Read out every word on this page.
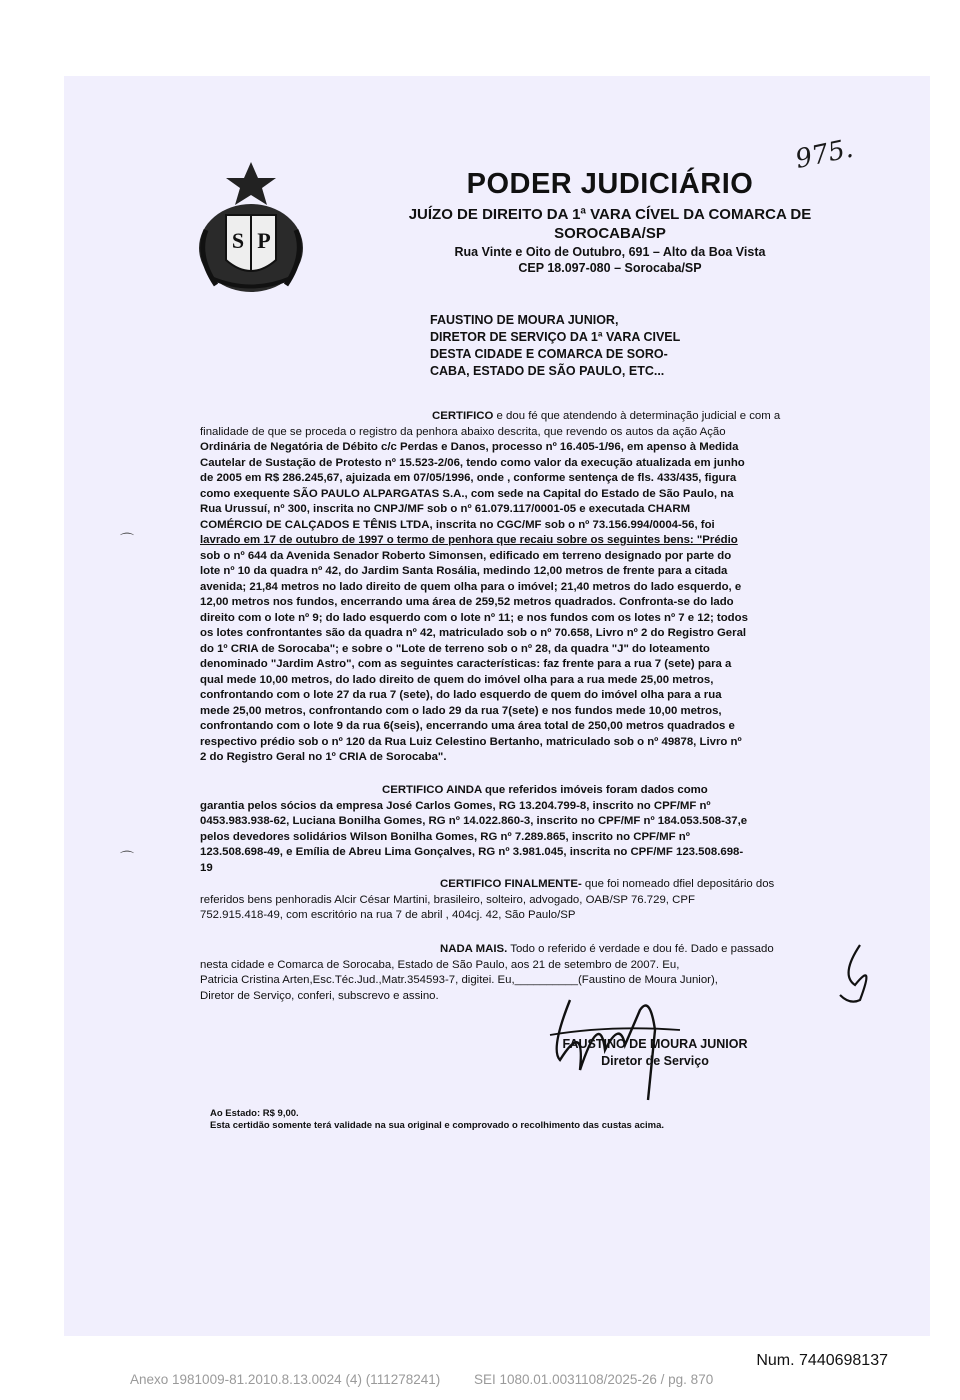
S P
975.
PODER JUDICIÁRIO
JUÍZO DE DIREITO DA 1ª VARA CÍVEL DA COMARCA DE
SOROCABA/SP
Rua Vinte e Oito de Outubro, 691 – Alto da Boa Vista
CEP 18.097-080 – Sorocaba/SP
FAUSTINO DE MOURA JUNIOR,
DIRETOR DE SERVIÇO DA 1ª VARA CIVEL
DESTA CIDADE E COMARCA DE SORO-
CABA, ESTADO DE SÃO PAULO, ETC...
CERTIFICO e dou fé que atendendo à determinação judicial e com a
finalidade de que se proceda o registro da penhora abaixo descrita, que revendo os autos da ação Ação
Ordinária de Negatória de Débito c/c Perdas e Danos, processo nº 16.405-1/96, em apenso à Medida
Cautelar de Sustação de Protesto nº 15.523-2/06, tendo como valor da execução atualizada em junho
de 2005 em R$ 286.245,67, ajuizada em 07/05/1996, onde , conforme sentença de fls. 433/435, figura
como exequente SÃO PAULO ALPARGATAS S.A., com sede na Capital do Estado de São Paulo, na
Rua Urussuí, nº 300, inscrita no CNPJ/MF sob o nº 61.079.117/0001-05 e executada CHARM
COMÉRCIO DE CALÇADOS E TÊNIS LTDA, inscrita no CGC/MF sob o nº 73.156.994/0004-56, foi
lavrado em 17 de outubro de 1997 o termo de penhora que recaiu sobre os seguintes bens: "Prédio
sob o nº 644 da Avenida Senador Roberto Simonsen, edificado em terreno designado por parte do
lote nº 10 da quadra nº 42, do Jardim Santa Rosália, medindo 12,00 metros de frente para a citada
avenida; 21,84 metros no lado direito de quem olha para o imóvel; 21,40 metros do lado esquerdo, e
12,00 metros nos fundos, encerrando uma área de 259,52 metros quadrados. Confronta-se do lado
direito com o lote nº 9; do lado esquerdo com o lote nº 11; e nos fundos com os lotes nº 7 e 12; todos
os lotes confrontantes são da quadra nº 42, matriculado sob o nº 70.658, Livro nº 2 do Registro Geral
do 1º CRIA de Sorocaba"; e sobre o "Lote de terreno sob o nº 28, da quadra "J" do loteamento
denominado "Jardim Astro", com as seguintes características: faz frente para a rua 7 (sete) para a
qual mede 10,00 metros, do lado direito de quem do imóvel olha para a rua mede 25,00 metros,
confrontando com o lote 27 da rua 7 (sete), do lado esquerdo de quem do imóvel olha para a rua
mede 25,00 metros, confrontando com o lado 29 da rua 7(sete) e nos fundos mede 10,00 metros,
confrontando com o lote 9 da rua 6(seis), encerrando uma área total de 250,00 metros quadrados e
respectivo prédio sob o nº 120 da Rua Luiz Celestino Bertanho, matriculado sob o nº 49878, Livro nº
2 do Registro Geral no 1º CRIA de Sorocaba".
CERTIFICO AINDA que referidos imóveis foram dados como
garantia pelos sócios da empresa José Carlos Gomes, RG 13.204.799-8, inscrito no CPF/MF nº
0453.983.938-62, Luciana Bonilha Gomes, RG nº 14.022.860-3, inscrito no CPF/MF nº 184.053.508-37,e
pelos devedores solidários Wilson Bonilha Gomes, RG nº 7.289.865, inscrito no CPF/MF nº
123.508.698-49, e Emília de Abreu Lima Gonçalves, RG nº 3.981.045, inscrita no CPF/MF 123.508.698-
19
CERTIFICO FINALMENTE- que foi nomeado dfiel depositário dos
referidos bens penhoradis Alcir César Martini, brasileiro, solteiro, advogado, OAB/SP 76.729, CPF
752.915.418-49, com escritório na rua 7 de abril , 404cj. 42, São Paulo/SP
NADA MAIS. Todo o referido é verdade e dou fé. Dado e passado
nesta cidade e Comarca de Sorocaba, Estado de São Paulo, aos 21 de setembro de 2007. Eu,
Patricia Cristina Arten,Esc.Téc.Jud.,Matr.354593-7, digitei. Eu,__________(Faustino de Moura Junior),
Diretor de Serviço, conferi, subscrevo e assino.
FAUSTINO DE MOURA JUNIOR
Diretor de Serviço
Ao Estado: R$ 9,00.
Esta certidão somente terá validade na sua original e comprovado o recolhimento das custas acima.
⌒
⌒
Num. 7440698137
Anexo 1981009-81.2010.8.13.0024 (4) (111278241)         SEI 1080.01.0031108/2025-26 / pg. 870
